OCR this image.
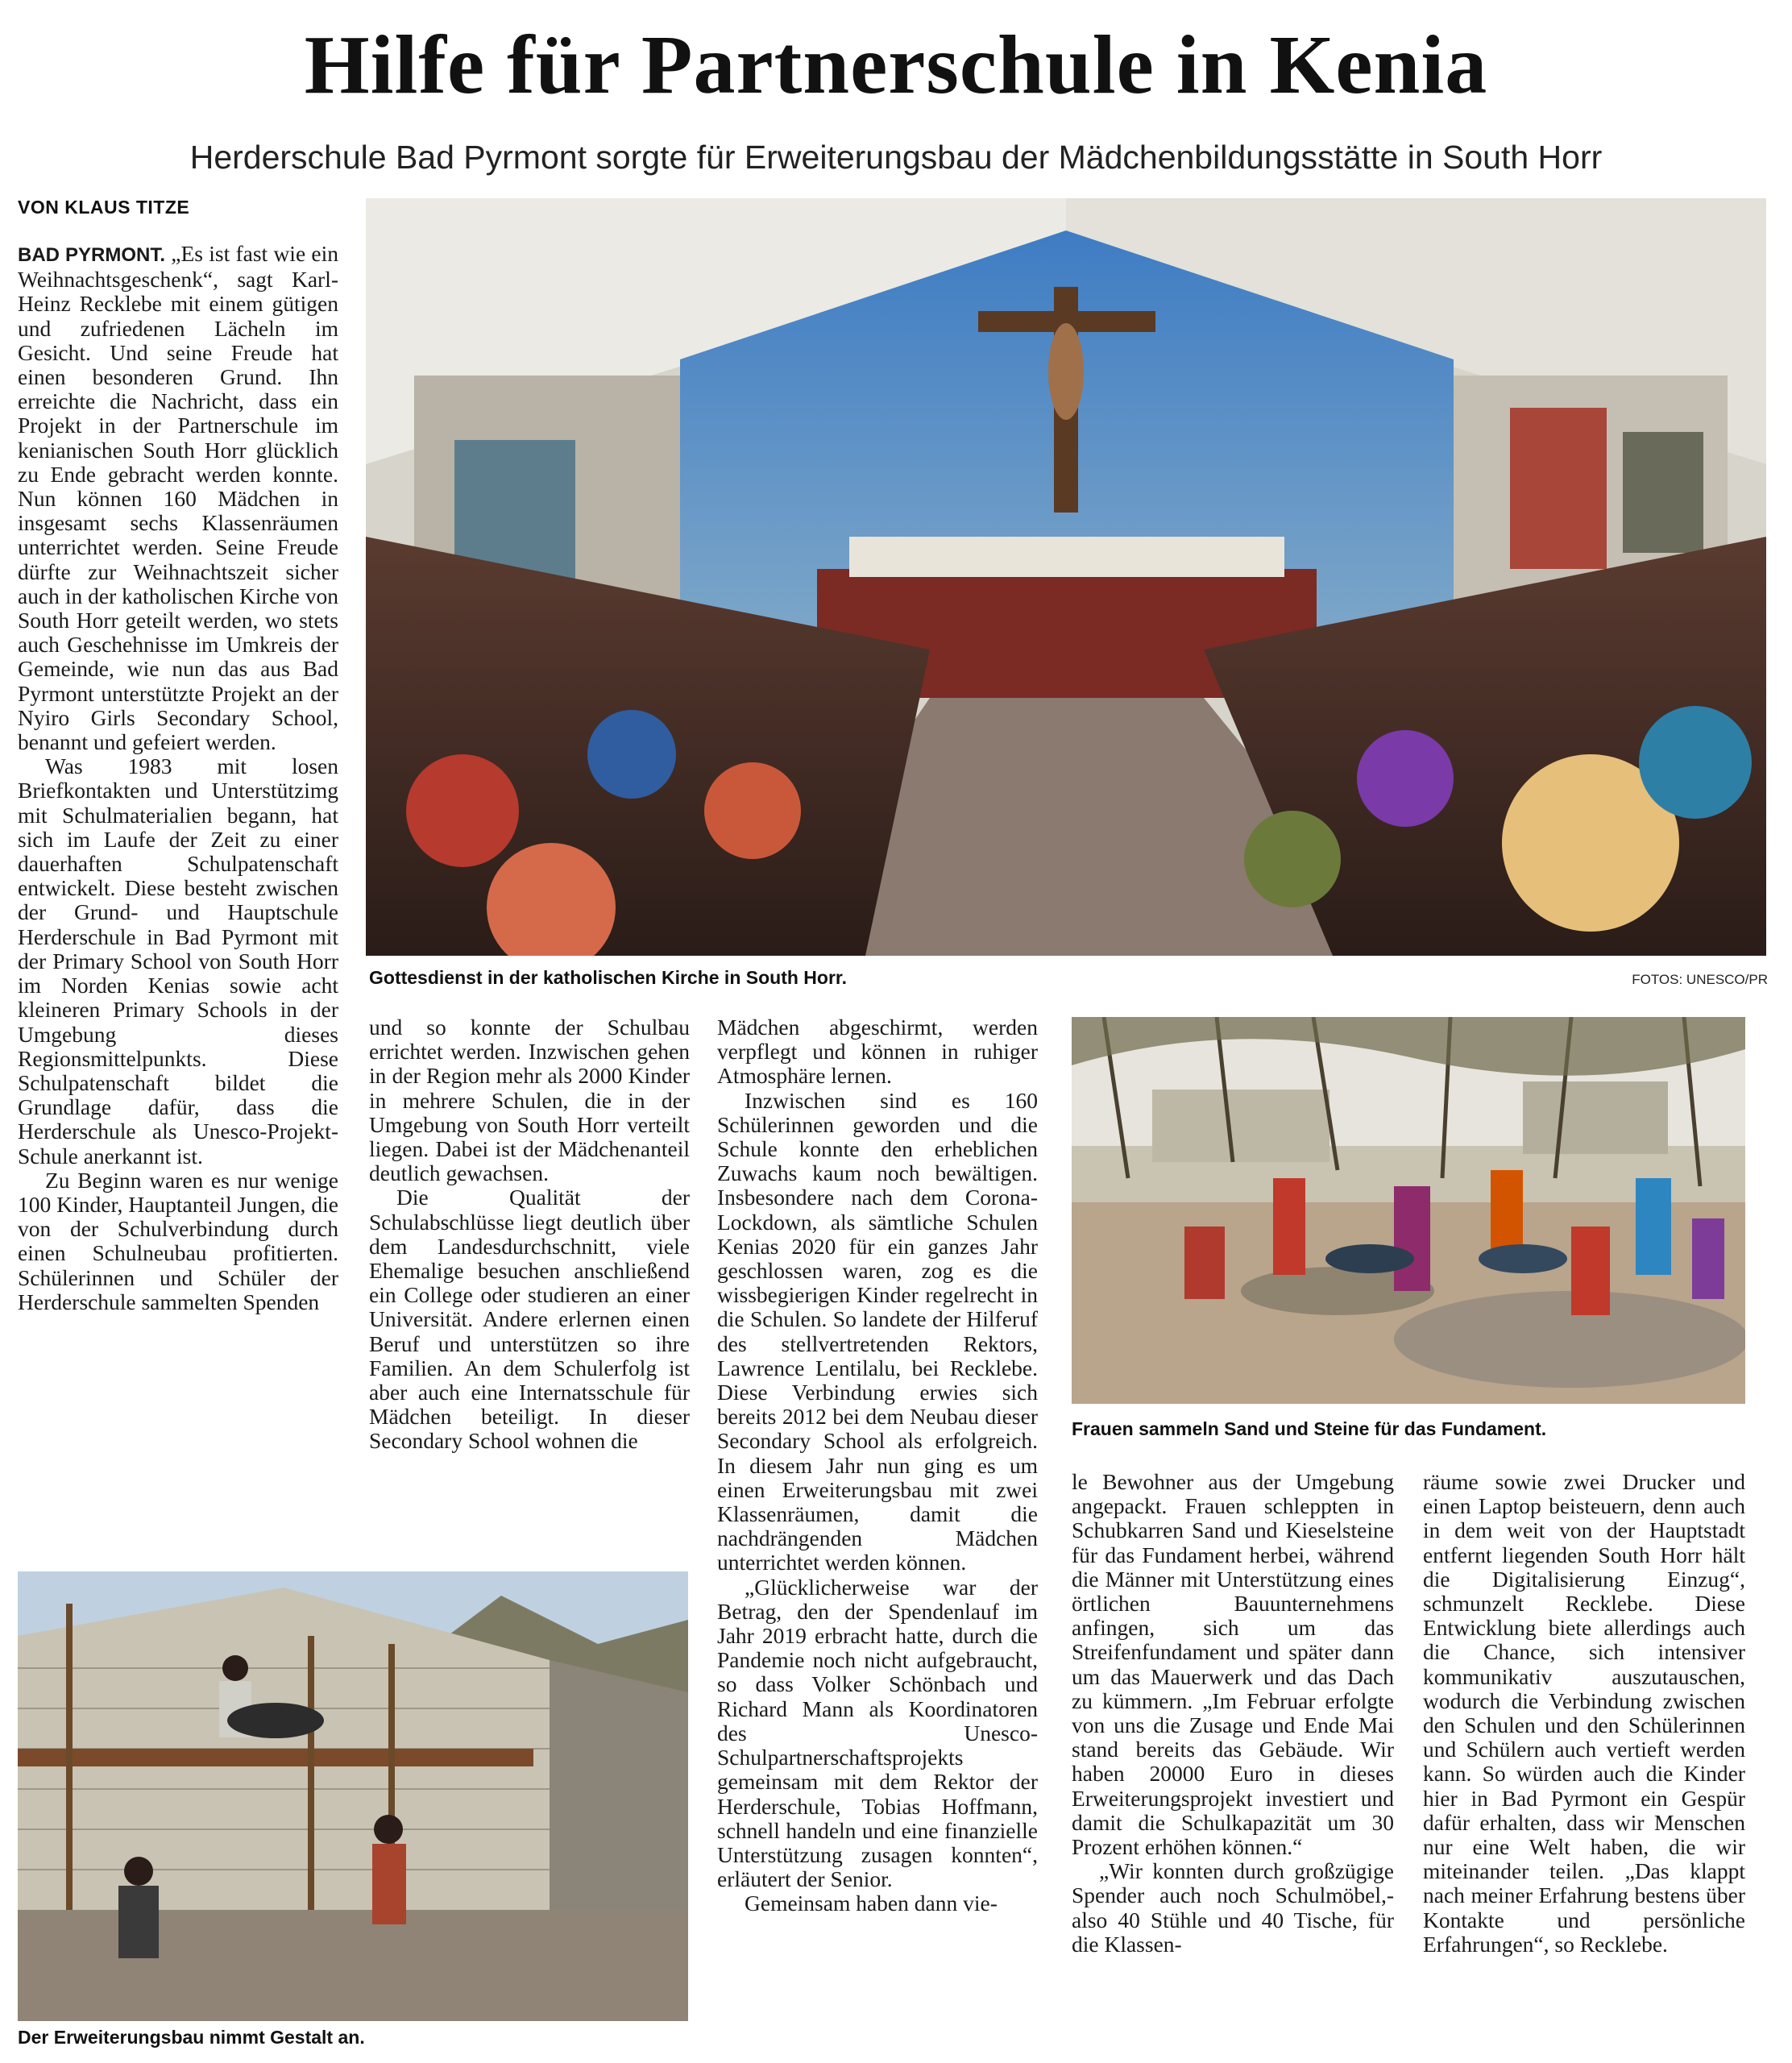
Hilfe für Partnerschule in Kenia
Herderschule Bad Pyrmont sorgte für Erweiterungsbau der Mädchenbildungsstätte in South Horr
VON KLAUS TITZE

BAD PYRMONT. „Es ist fast wie ein Weihnachtsgeschenk“, sagt Karl-Heinz Recklebe mit einem gütigen und zufriedenen Lächeln im Gesicht. Und seine Freude hat einen besonderen Grund. Ihn erreichte die Nachricht, dass ein Projekt in der Partnerschule im kenianischen South Horr glücklich zu Ende gebracht werden konnte. Nun können 160 Mädchen in insgesamt sechs Klassenräumen unterrichtet werden. Seine Freude dürfte zur Weihnachtszeit sicher auch in der katholischen Kirche von South Horr geteilt werden, wo stets auch Geschehnisse im Umkreis der Gemeinde, wie nun das aus Bad Pyrmont unterstützte Projekt an der Nyiro Girls Secondary School, benannt und gefeiert werden.

Was 1983 mit losen Briefkontakten und Unterstützimg mit Schulmaterialien begann, hat sich im Laufe der Zeit zu einer dauerhaften Schulpatenschaft entwickelt. Diese besteht zwischen der Grund- und Hauptschule Herderschule in Bad Pyrmont mit der Primary School von South Horr im Norden Kenias sowie acht kleineren Primary Schools in der Umgebung dieses Regionsmittelpunkts. Diese Schulpatenschaft bildet die Grundlage dafür, dass die Herderschule als Unesco-Projekt-Schule anerkannt ist.

Zu Beginn waren es nur wenige 100 Kinder, Hauptanteil Jungen, die von der Schulverbindung durch einen Schulneubau profitierten. Schülerinnen und Schüler der Herderschule sammelten Spenden

Gottesdienst in der katholischen Kirche in South Horr.	FOTOS: UNESCO/PR

und so konnte der Schulbau errichtet werden. Inzwischen gehen in der Region mehr als 2000 Kinder in mehrere Schulen, die in der Umgebung von South Horr verteilt liegen. Dabei ist der Mädchenanteil deutlich gewachsen.

Die Qualität der Schulabschlüsse liegt deutlich über dem Landesdurchschnitt, viele Ehemalige besuchen anschließend ein College oder studieren an einer Universität. Andere erlernen einen Beruf und unterstützen so ihre Familien. An dem Schulerfolg ist aber auch eine Internatsschule für Mädchen beteiligt. In dieser Secondary School wohnen die

Mädchen abgeschirmt, werden verpflegt und können in ruhiger Atmosphäre lernen.

Inzwischen sind es 160 Schülerinnen geworden und die Schule konnte den erheblichen Zuwachs kaum noch bewältigen. Insbesondere nach dem Corona-Lockdown, als sämtliche Schulen Kenias 2020 für ein ganzes Jahr geschlossen waren, zog es die wissbegierigen Kinder regelrecht in die Schulen. So landete der Hilferuf des stellvertretenden Rektors, Lawrence Lentilalu, bei Recklebe. Diese Verbindung erwies sich bereits 2012 bei dem Neubau dieser Secondary School als erfolgreich. In diesem Jahr nun ging es um einen Erweiterungsbau mit zwei Klassenräumen, damit die nachdrängenden Mädchen unterrichtet werden können.

„Glücklicherweise war der Betrag, den der Spendenlauf im Jahr 2019 erbracht hatte, durch die Pandemie noch nicht aufgebraucht, so dass Volker Schönbach und Richard Mann als Koordinatoren des Unesco-Schulpartnerschaftsprojekts gemeinsam mit dem Rektor der Herderschule, Tobias Hoffmann, schnell handeln und eine finanzielle Unterstützung zusagen konnten“, erläutert der Senior.

Gemeinsam haben dann vie-

Frauen sammeln Sand und Steine für das Fundament.

le Bewohner aus der Umgebung angepackt. Frauen schleppten in Schubkarren Sand und Kieselsteine für das Fundament herbei, während die Männer mit Unterstützung eines örtlichen Bauunternehmens anfingen, sich um das Streifenfundament und später dann um das Mauerwerk und das Dach zu kümmern. „Im Februar erfolgte von uns die Zusage und Ende Mai stand bereits das Gebäude. Wir haben 20000 Euro in dieses Erweiterungsprojekt investiert und damit die Schulkapazität um 30 Prozent erhöhen können.“

„Wir konnten durch großzügige Spender auch noch Schulmöbel,- also 40 Stühle und 40 Tische, für die Klassen-

räume sowie zwei Drucker und einen Laptop beisteuern, denn auch in dem weit von der Hauptstadt entfernt liegenden South Horr hält die Digitalisierung Einzug“, schmunzelt Recklebe. Diese Entwicklung biete allerdings auch die Chance, sich intensiver kommunikativ auszutauschen, wodurch die Verbindung zwischen den Schulen und den Schülerinnen und Schülern auch vertieft werden kann. So würden auch die Kinder hier in Bad Pyrmont ein Gespür dafür erhalten, dass wir Menschen nur eine Welt haben, die wir miteinander teilen. „Das klappt nach meiner Erfahrung bestens über Kontakte und persönliche Erfahrungen“, so Recklebe.

Der Erweiterungsbau nimmt Gestalt an.
